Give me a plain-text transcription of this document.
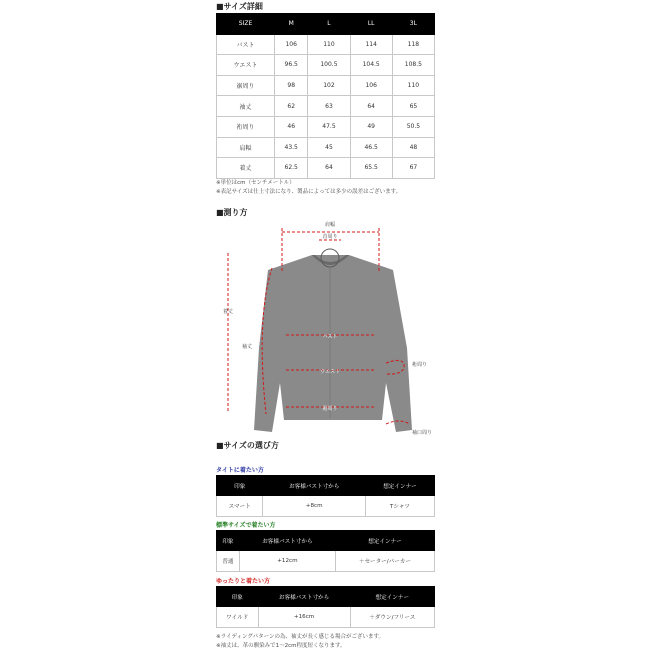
■サイズ詳細
SIZE	M	L	LL	3L
バスト	106	110	114	118
ウエスト	96.5	100.5	104.5	108.5
裾周り	98	102	106	110
袖丈	62	63	64	65
裄周り	46	47.5	49	50.5
肩幅	43.5	45	46.5	48
着丈	62.5	64	65.5	67
※単位はcm（センチメートル）
※表記サイズは仕上寸法になり、製品によっては多少の誤差はございます。
■測り方
肩幅
首周り
着丈
袖丈
バスト
ウエスト
裾周り
裄周り
袖口周り
■サイズの選び方
タイトに着たい方
印象	お客様バスト寸から	想定インナー
スマート	+8cm	Tシャツ
標準サイズで着たい方
印象	お客様バスト寸から	想定インナー
普通	+12cm	＋セーター/パーカー
ゆったりと着たい方
印象	お客様バスト寸から	想定インナー
ワイルド	+16cm	＋ダウン/フリース
※ライディングパターンの為、袖丈が長く感じる場合がございます。
※袖丈は、革の馴染みで1～2cm程度短くなります。
